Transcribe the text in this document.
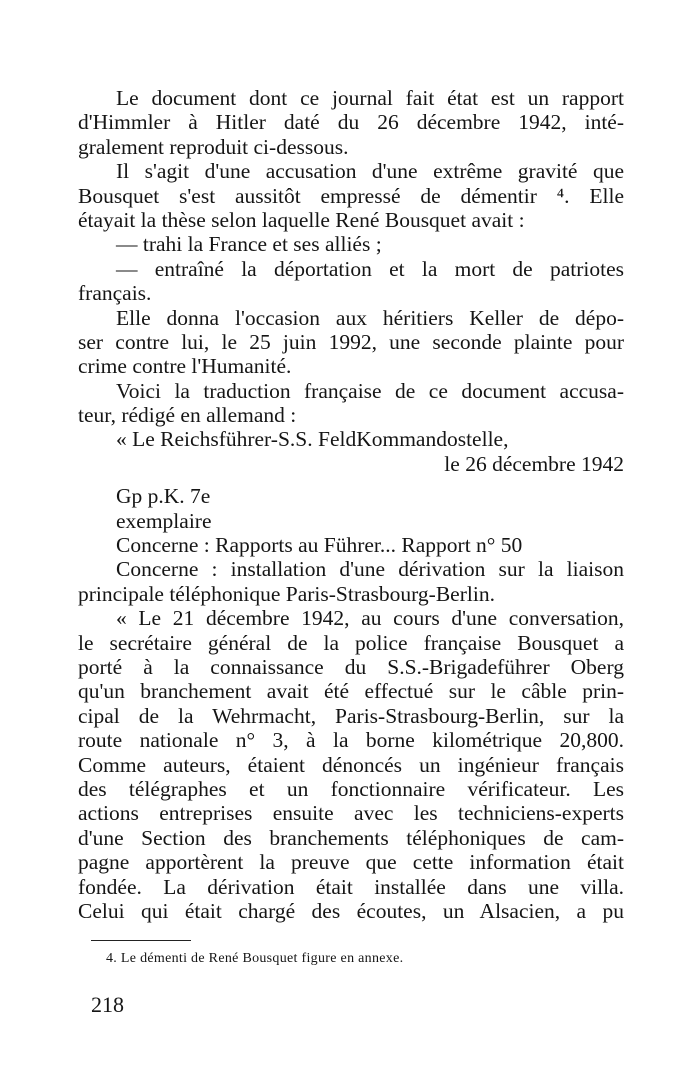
Le document dont ce journal fait état est un rapport
d'Himmler à Hitler daté du 26 décembre 1942, inté-
gralement reproduit ci-dessous.
Il s'agit d'une accusation d'une extrême gravité que
Bousquet s'est aussitôt empressé de démentir ⁴. Elle
étayait la thèse selon laquelle René Bousquet avait :
— trahi la France et ses alliés ;
— entraîné la déportation et la mort de patriotes
français.
Elle donna l'occasion aux héritiers Keller de dépo-
ser contre lui, le 25 juin 1992, une seconde plainte pour
crime contre l'Humanité.
Voici la traduction française de ce document accusa-
teur, rédigé en allemand :
« Le Reichsführer-S.S. FeldKommandostelle,
le 26 décembre 1942
Gp p.K. 7e
exemplaire
Concerne : Rapports au Führer... Rapport n° 50
Concerne : installation d'une dérivation sur la liaison
principale téléphonique Paris-Strasbourg-Berlin.
« Le 21 décembre 1942, au cours d'une conversation,
le secrétaire général de la police française Bousquet a
porté à la connaissance du S.S.-Brigadeführer Oberg
qu'un branchement avait été effectué sur le câble prin-
cipal de la Wehrmacht, Paris-Strasbourg-Berlin, sur la
route nationale n° 3, à la borne kilométrique 20,800.
Comme auteurs, étaient dénoncés un ingénieur français
des télégraphes et un fonctionnaire vérificateur. Les
actions entreprises ensuite avec les techniciens-experts
d'une Section des branchements téléphoniques de cam-
pagne apportèrent la preuve que cette information était
fondée. La dérivation était installée dans une villa.
Celui qui était chargé des écoutes, un Alsacien, a pu
4. Le démenti de René Bousquet figure en annexe.
218
